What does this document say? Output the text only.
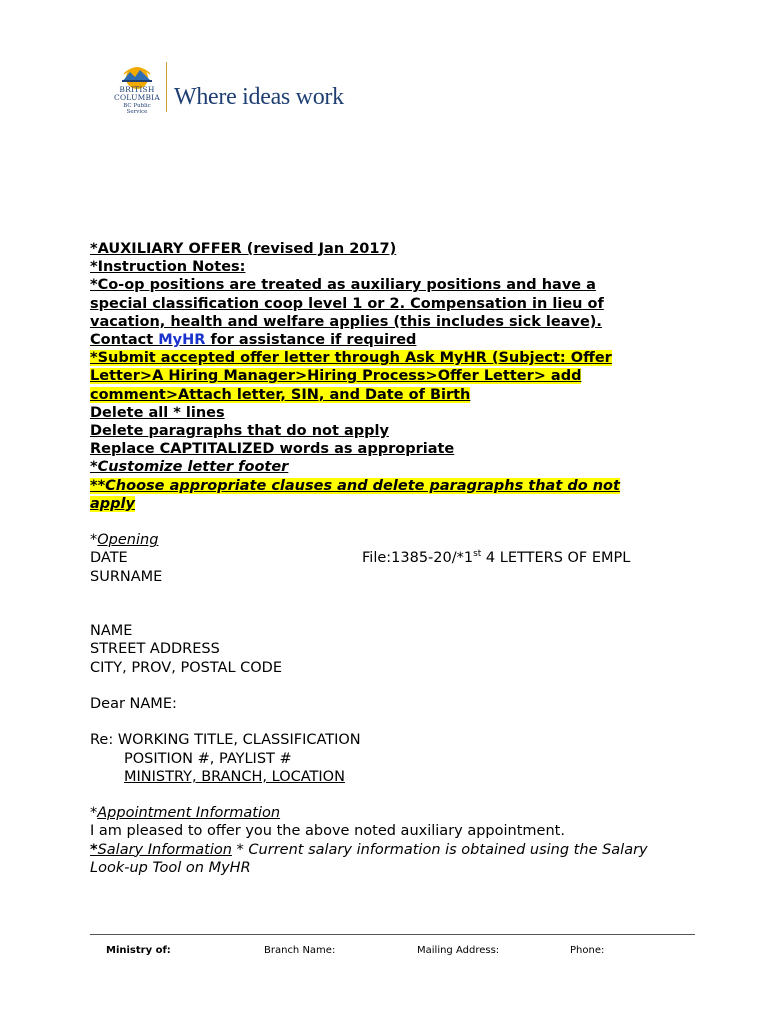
BRITISH
COLUMBIA
BC Public Service
Where ideas work
*AUXILIARY OFFER (revised Jan 2017)
*Instruction Notes:
*Co-op positions are treated as auxiliary positions and have a
special classification coop level 1 or 2. Compensation in lieu of
vacation, health and welfare applies (this includes sick leave).
Contact MyHR for assistance if required
*Submit accepted offer letter through Ask MyHR (Subject: Offer
Letter>A Hiring Manager>Hiring Process>Offer Letter> add
comment>Attach letter, SIN, and Date of Birth
Delete all * lines
Delete paragraphs that do not apply
Replace CAPTITALIZED words as appropriate
*Customize letter footer
**Choose appropriate clauses and delete paragraphs that do not
apply
*Opening
DATE	File:1385-20/*1st 4 LETTERS OF EMPL
SURNAME
NAME
STREET ADDRESS
CITY, PROV, POSTAL CODE
Dear NAME:
Re: WORKING TITLE, CLASSIFICATION
POSITION #, PAYLIST #
MINISTRY, BRANCH, LOCATION
*Appointment Information
I am pleased to offer you the above noted auxiliary appointment.
*Salary Information * Current salary information is obtained using the Salary
Look-up Tool on MyHR
Ministry of:	Branch Name:	Mailing Address:	Phone:
